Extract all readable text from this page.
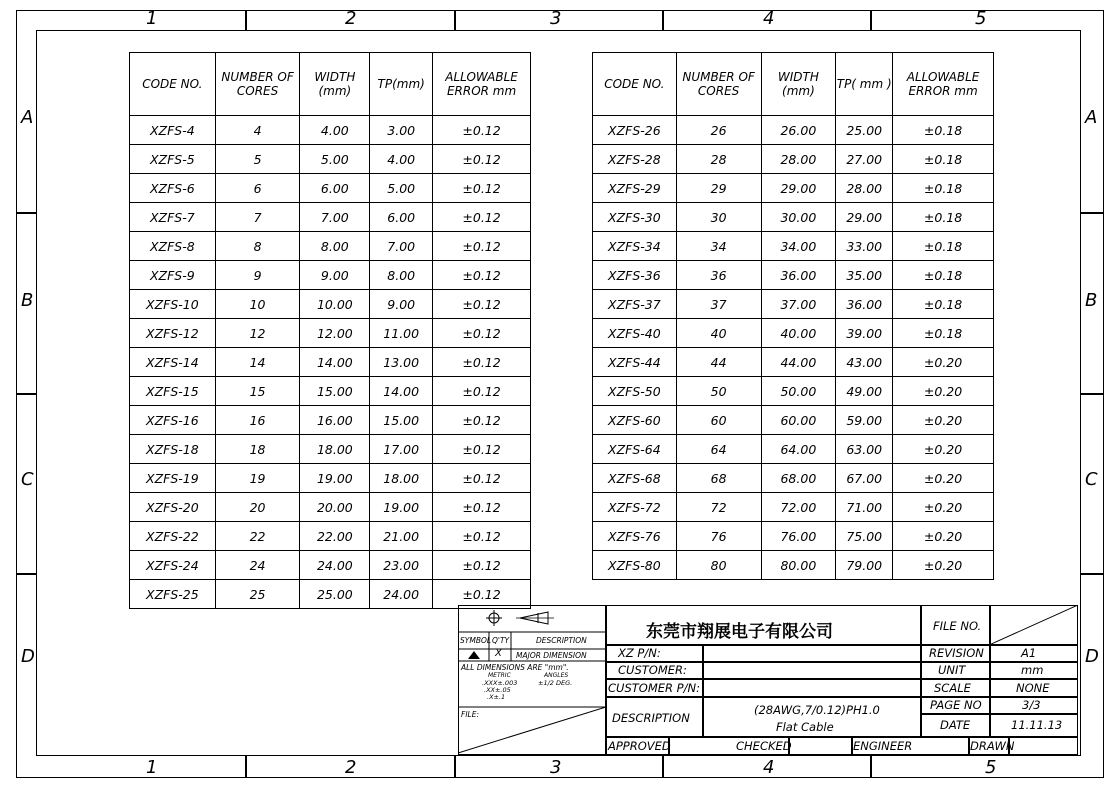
1	2	3	4	5
1	2	3	4	5
A
B
C
D
A
B
C
D
CODE NO.	NUMBER OF CORES	WIDTH (mm)	TP(mm)	ALLOWABLE ERROR mm
XZFS-4	4	4.00	3.00	±0.12
XZFS-5	5	5.00	4.00	±0.12
XZFS-6	6	6.00	5.00	±0.12
XZFS-7	7	7.00	6.00	±0.12
XZFS-8	8	8.00	7.00	±0.12
XZFS-9	9	9.00	8.00	±0.12
XZFS-10	10	10.00	9.00	±0.12
XZFS-12	12	12.00	11.00	±0.12
XZFS-14	14	14.00	13.00	±0.12
XZFS-15	15	15.00	14.00	±0.12
XZFS-16	16	16.00	15.00	±0.12
XZFS-18	18	18.00	17.00	±0.12
XZFS-19	19	19.00	18.00	±0.12
XZFS-20	20	20.00	19.00	±0.12
XZFS-22	22	22.00	21.00	±0.12
XZFS-24	24	24.00	23.00	±0.12
XZFS-25	25	25.00	24.00	±0.12
CODE NO.	NUMBER OF CORES	WIDTH (mm)	TP( mm )	ALLOWABLE ERROR mm
XZFS-26	26	26.00	25.00	±0.18
XZFS-28	28	28.00	27.00	±0.18
XZFS-29	29	29.00	28.00	±0.18
XZFS-30	30	30.00	29.00	±0.18
XZFS-34	34	34.00	33.00	±0.18
XZFS-36	36	36.00	35.00	±0.18
XZFS-37	37	37.00	36.00	±0.18
XZFS-40	40	40.00	39.00	±0.18
XZFS-44	44	44.00	43.00	±0.20
XZFS-50	50	50.00	49.00	±0.20
XZFS-60	60	60.00	59.00	±0.20
XZFS-64	64	64.00	63.00	±0.20
XZFS-68	68	68.00	67.00	±0.20
XZFS-72	72	72.00	71.00	±0.20
XZFS-76	76	76.00	75.00	±0.20
XZFS-80	80	80.00	79.00	±0.20
SYMBOL Q'TY	DESCRIPTION
X MAJOR DIMENSION
ALL DIMENSIONS ARE "mm".
METRIC	ANGLES
.XXX±.003	±1/2 DEG.
.XX±.05
.X±.1
FILE:
东莞市翔展电子有限公司
XZ P/N:
CUSTOMER:
CUSTOMER P/N:
DESCRIPTION
(28AWG,7/0.12)PH1.0
Flat Cable
FILE NO.
REVISION	A1
UNIT	mm
SCALE	NONE
PAGE NO	3/3
DATE	11.11.13
APPROVED	CHECKED	ENGINEER	DRAWN
